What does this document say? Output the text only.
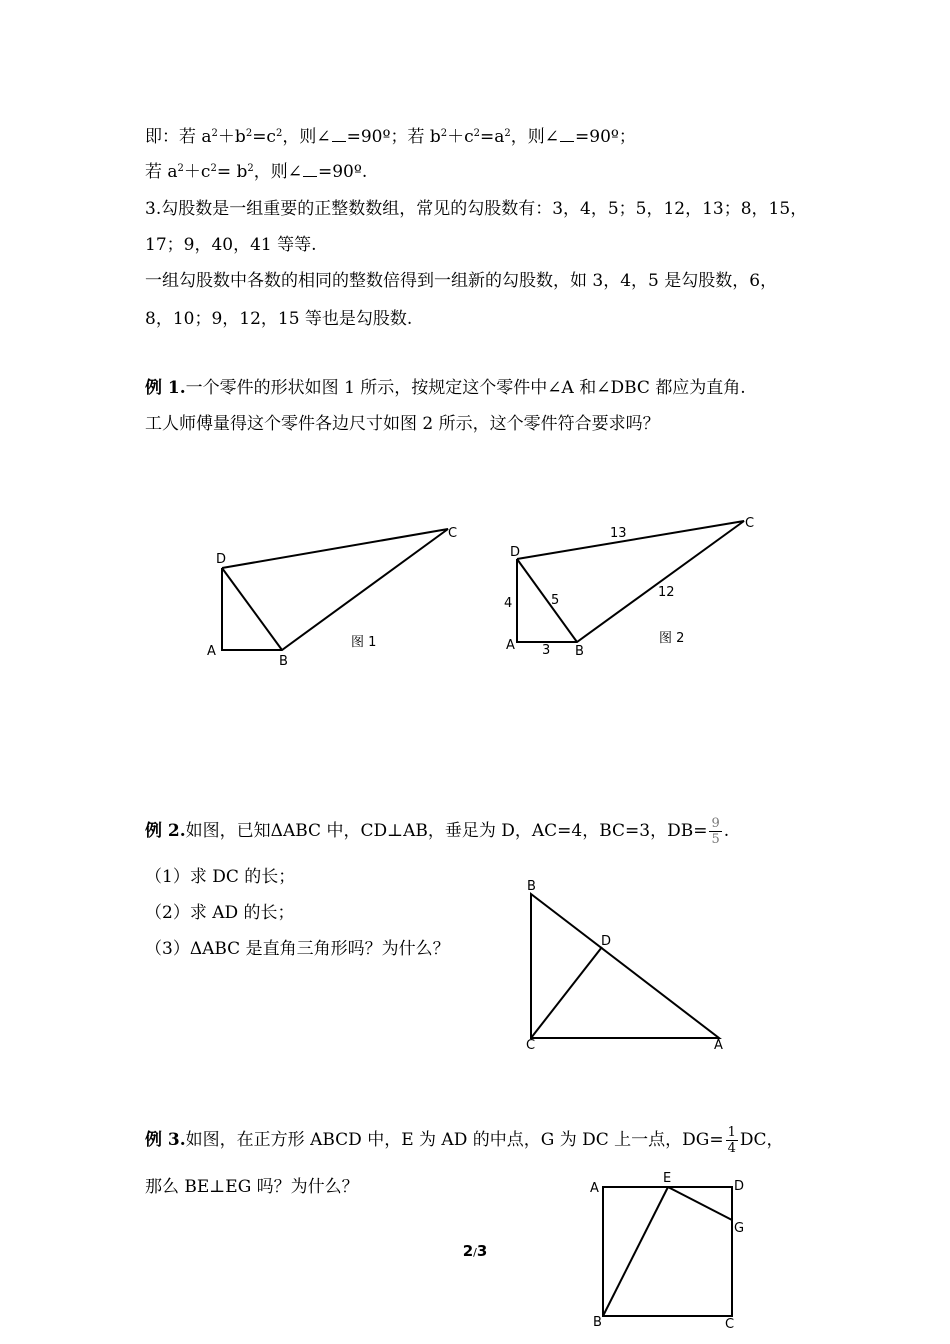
即：若 $a^2+b^2=c^2$，则∠ =90º；若 $b^2+c^2=a^2$，则∠ =90º；
若 $a^2+c^2= b^2$，则∠ =90º.
3.勾股数是一组重要的正整数数组，常见的勾股数有：3，4，5；5，12，13；8，15，
17；9，40，41 等等.
一组勾股数中各数的相同的整数倍得到一组新的勾股数，如 3，4，5 是勾股数，6，
8，10；9，12，15 等也是勾股数.
例 1.一个零件的形状如图 1 所示，按规定这个零件中∠A 和∠DBC 都应为直角.
工人师傅量得这个零件各边尺寸如图 2 所示，这个零件符合要求吗？
D
A
B
C
图 1
D
A	B
C
4
3
5
12
13
图 2
例 2.如图，已知ΔABC 中，CD⊥AB，垂足为 D，AC=4，BC=3，$DB= \frac{9}{5}$ .
（1）求 DC 的长；
（2）求 AD 的长；
（3）ΔABC 是直角三角形吗？为什么？
B
D
C	A
例 3.如图，在正方形 ABCD 中，E 为 AD 的中点，G 为 DC 上一点，$DG= \frac{1}{4}$ DC，
那么 BE⊥EG 吗？为什么？	A
E
D
G
B	C
2/3
